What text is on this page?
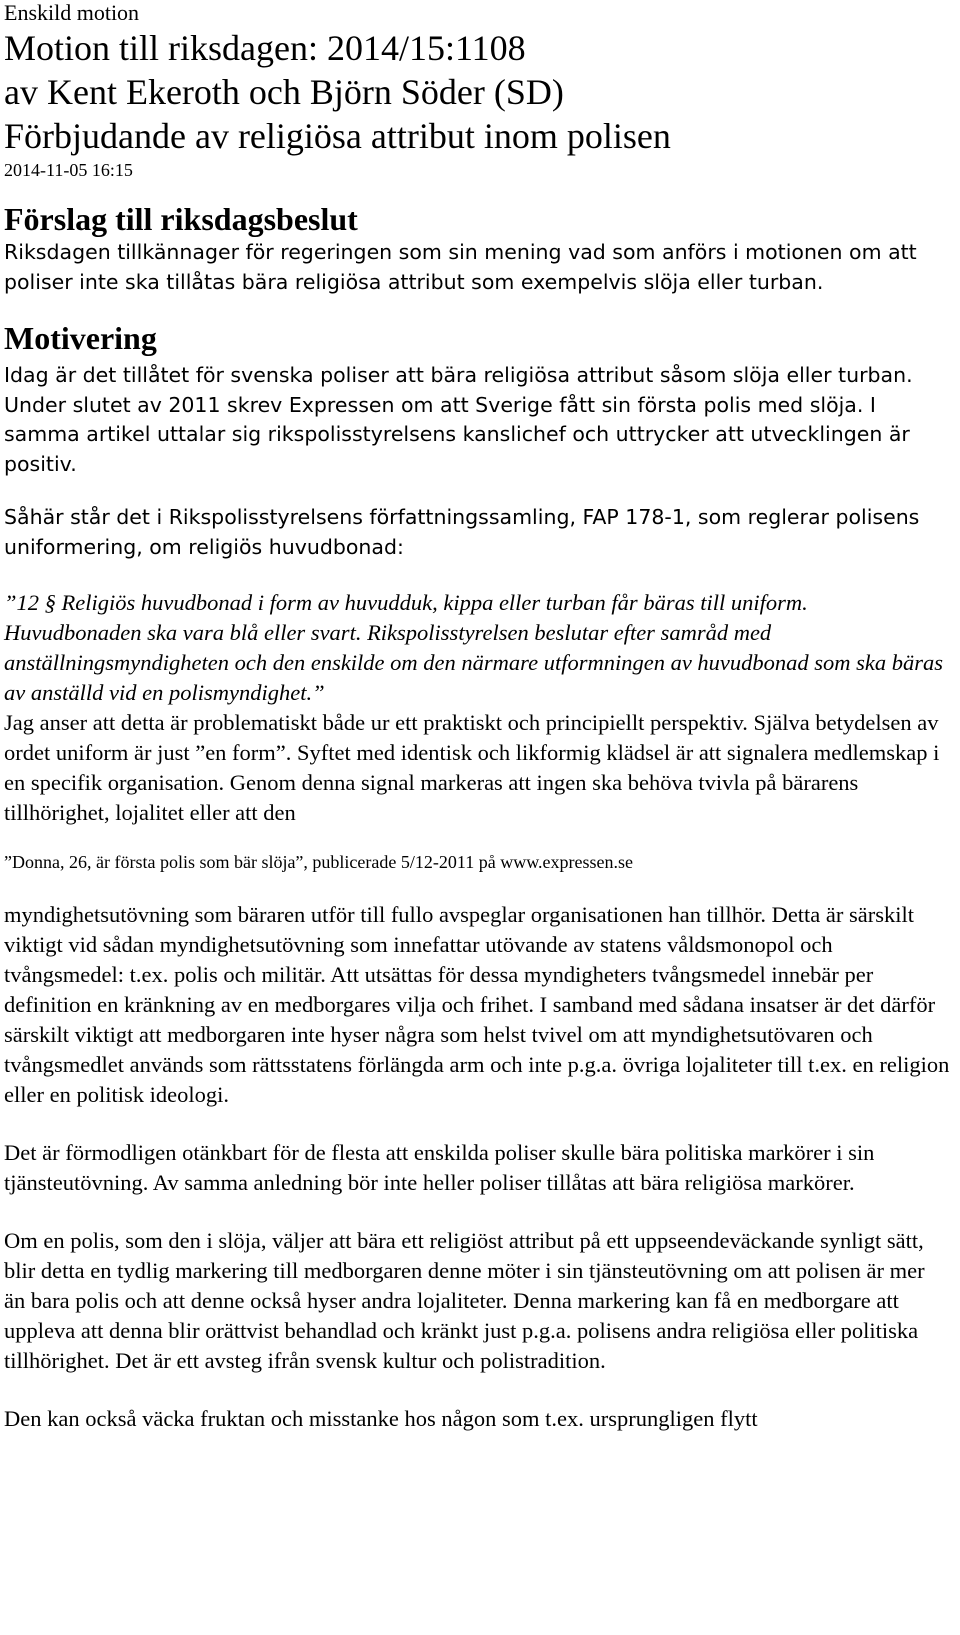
Enskild motion
Motion till riksdagen: 2014/15:1108
av Kent Ekeroth och Björn Söder (SD)
Förbjudande av religiösa attribut inom polisen
2014-11-05 16:15
Förslag till riksdagsbeslut

Riksdagen tillkännager för regeringen som sin mening vad som anförs i motionen om att poliser inte ska tillåtas bära religiösa attribut som exempelvis slöja eller turban.

Motivering

Idag är det tillåtet för svenska poliser att bära religiösa attribut såsom slöja eller turban. Under slutet av 2011 skrev Expressen om att Sverige fått sin första polis med slöja. I samma artikel uttalar sig rikspolisstyrelsens kanslichef och uttrycker att utvecklingen är positiv.

Såhär står det i Rikspolisstyrelsens författningssamling, FAP 178-1, som reglerar polisens uniformering, om religiös huvudbonad:

”12 § Religiös huvudbonad i form av huvudduk, kippa eller turban får bäras till uniform. Huvudbonaden ska vara blå eller svart. Rikspolisstyrelsen beslutar efter samråd med anställningsmyndigheten och den enskilde om den närmare utformningen av huvudbonad som ska bäras av anställd vid en polismyndighet.”

Jag anser att detta är problematiskt både ur ett praktiskt och principiellt perspektiv. Själva betydelsen av ordet uniform är just ”en form”. Syftet med identisk och likformig klädsel är att signalera medlemskap i en specifik organisation. Genom denna signal markeras att ingen ska behöva tvivla på bärarens tillhörighet, lojalitet eller att den

”Donna, 26, är första polis som bär slöja”, publicerade 5/12-2011 på www.expressen.se

myndighetsutövning som bäraren utför till fullo avspeglar organisationen han tillhör. Detta är särskilt viktigt vid sådan myndighetsutövning som innefattar utövande av statens våldsmonopol och tvångsmedel: t.ex. polis och militär. Att utsättas för dessa myndigheters tvångsmedel innebär per definition en kränkning av en medborgares vilja och frihet. I samband med sådana insatser är det därför särskilt viktigt att medborgaren inte hyser några som helst tvivel om att myndighetsutövaren och tvångsmedlet används som rättsstatens förlängda arm och inte p.g.a. övriga lojaliteter till t.ex. en religion eller en politisk ideologi.

Det är förmodligen otänkbart för de flesta att enskilda poliser skulle bära politiska markörer i sin tjänsteutövning. Av samma anledning bör inte heller poliser tillåtas att bära religiösa markörer.

Om en polis, som den i slöja, väljer att bära ett religiöst attribut på ett uppseendeväckande synligt sätt, blir detta en tydlig markering till medborgaren denne möter i sin tjänsteutövning om att polisen är mer än bara polis och att denne också hyser andra lojaliteter. Denna markering kan få en medborgare att uppleva att denna blir orättvist behandlad och kränkt just p.g.a. polisens andra religiösa eller politiska tillhörighet. Det är ett avsteg ifrån svensk kultur och polistradition.

Den kan också väcka fruktan och misstanke hos någon som t.ex. ursprungligen flytt
